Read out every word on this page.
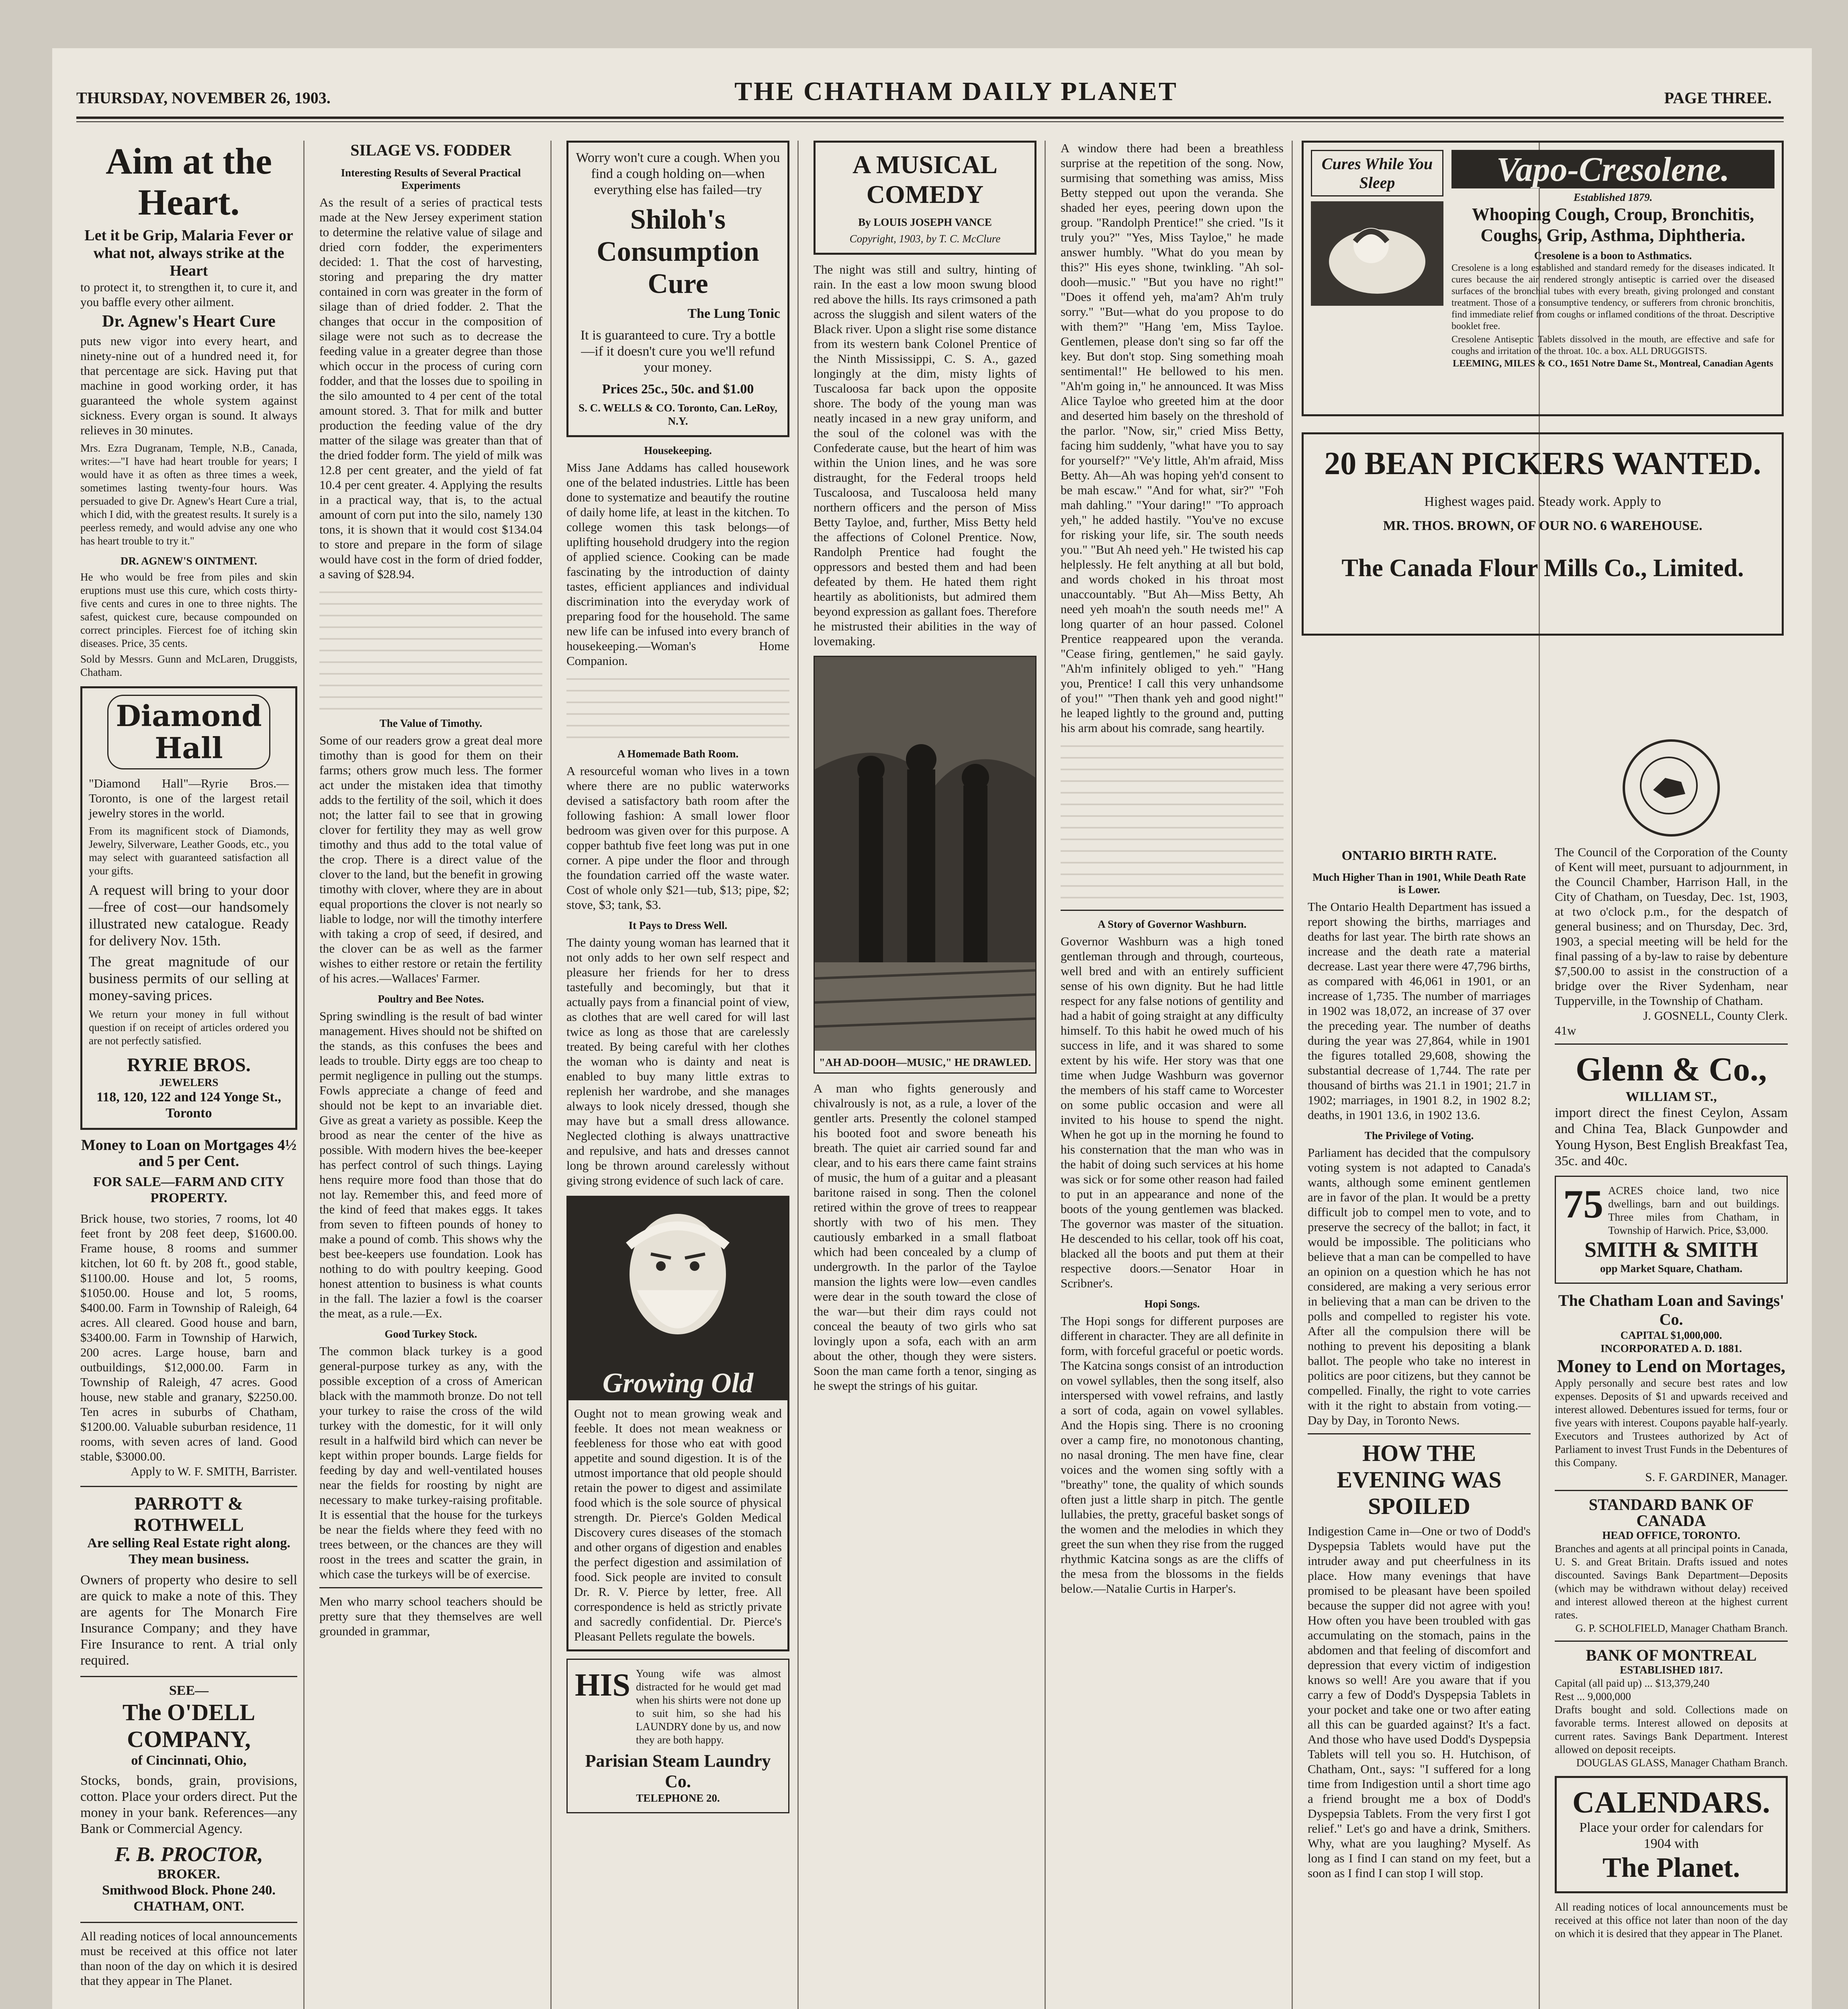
THURSDAY, NOVEMBER 26, 1903.	THE CHATHAM DAILY PLANET	PAGE THREE.
Aim at the Heart.
Let it be Grip, Malaria Fever or what not, always strike at the Heart
to protect it, to strengthen it, to cure it, and you baffle every other ailment.
Dr. Agnew's Heart Cure
puts new vigor into every heart, and ninety-nine out of a hundred need it, for that percentage are sick. Having put that machine in good working order, it has guaranteed the whole system against sickness. Every organ is sound. It always relieves in 30 minutes.
Mrs. Ezra Dugranam, Temple, N.B., Canada, writes:—"I have had heart trouble for years; I would have it as often as three times a week, sometimes lasting twenty-four hours. Was persuaded to give Dr. Agnew's Heart Cure a trial, which I did, with the greatest results. It surely is a peerless remedy, and would advise any one who has heart trouble to try it."
DR. AGNEW'S OINTMENT.
He who would be free from piles and skin eruptions must use this cure, which costs thirty-five cents and cures in one to three nights. The safest, quickest cure, because compounded on correct principles. Fiercest foe of itching skin diseases. Price, 35 cents.
Sold by Messrs. Gunn and McLaren, Druggists, Chatham.
Diamond Hall
"Diamond Hall"—Ryrie Bros.—Toronto, is one of the largest retail jewelry stores in the world.
From its magnificent stock of Diamonds, Jewelry, Silverware, Leather Goods, etc., you may select with guaranteed satisfaction all your gifts.
A request will bring to your door—free of cost—our handsomely illustrated new catalogue. Ready for delivery Nov. 15th.
The great magnitude of our business permits of our selling at money-saving prices.
We return your money in full without question if on receipt of articles ordered you are not perfectly satisfied.
RYRIE BROS.
JEWELERS
118, 120, 122 and 124 Yonge St., Toronto
Money to Loan on Mortgages 4½ and 5 per Cent.
FOR SALE—FARM AND CITY PROPERTY.
Brick house, two stories, 7 rooms, lot 40 feet front by 208 feet deep, $1600.00. Frame house, 8 rooms and summer kitchen, lot 60 ft. by 208 ft., good stable, $1100.00. House and lot, 5 rooms, $1050.00. House and lot, 5 rooms, $400.00. Farm in Township of Raleigh, 64 acres. All cleared. Good house and barn, $3400.00. Farm in Township of Harwich, 200 acres. Large house, barn and outbuildings, $12,000.00. Farm in Township of Raleigh, 47 acres. Good house, new stable and granary, $2250.00. Ten acres in suburbs of Chatham, $1200.00. Valuable suburban residence, 11 rooms, with seven acres of land. Good stable, $3000.00.
Apply to W. F. SMITH, Barrister.
PARROTT & ROTHWELL
Are selling Real Estate right along. They mean business.
Owners of property who desire to sell are quick to make a note of this. They are agents for The Monarch Fire Insurance Company; and they have Fire Insurance to rent. A trial only required.
SEE—
The O'DELL COMPANY,
of Cincinnati, Ohio,
Stocks, bonds, grain, provisions, cotton. Place your orders direct. Put the money in your bank. References—any Bank or Commercial Agency.
F. B. PROCTOR,
BROKER.
Smithwood Block. Phone 240. CHATHAM, ONT.
All reading notices of local announcements must be received at this office not later than noon of the day on which it is desired that they appear in The Planet.
SILAGE VS. FODDER
Interesting Results of Several Practical Experiments
As the result of a series of practical tests made at the New Jersey experiment station to determine the relative value of silage and dried corn fodder, the experimenters decided: 1. That the cost of harvesting, storing and preparing the dry matter contained in corn was greater in the form of silage than of dried fodder. 2. That the changes that occur in the composition of silage were not such as to decrease the feeding value in a greater degree than those which occur in the process of curing corn fodder, and that the losses due to spoiling in the silo amounted to 4 per cent of the total amount stored. 3. That for milk and butter production the feeding value of the dry matter of the silage was greater than that of the dried fodder form. The yield of milk was 12.8 per cent greater, and the yield of fat 10.4 per cent greater. 4. Applying the results in a practical way, that is, to the actual amount of corn put into the silo, namely 130 tons, it is shown that it would cost $134.04 to store and prepare in the form of silage would have cost in the form of dried fodder, a saving of $28.94.
The Value of Timothy.
Some of our readers grow a great deal more timothy than is good for them on their farms; others grow much less. The former act under the mistaken idea that timothy adds to the fertility of the soil, which it does not; the latter fail to see that in growing clover for fertility they may as well grow timothy and thus add to the total value of the crop. There is a direct value of the clover to the land, but the benefit in growing timothy with clover, where they are in about equal proportions the clover is not nearly so liable to lodge, nor will the timothy interfere with taking a crop of seed, if desired, and the clover can be as well as the farmer wishes to either restore or retain the fertility of his acres.—Wallaces' Farmer.
Poultry and Bee Notes.
Spring swindling is the result of bad winter management. Hives should not be shifted on the stands, as this confuses the bees and leads to trouble. Dirty eggs are too cheap to permit negligence in pulling out the stumps. Fowls appreciate a change of feed and should not be kept to an invariable diet. Give as great a variety as possible. Keep the brood as near the center of the hive as possible. With modern hives the bee-keeper has perfect control of such things. Laying hens require more food than those that do not lay. Remember this, and feed more of the kind of feed that makes eggs. It takes from seven to fifteen pounds of honey to make a pound of comb. This shows why the best bee-keepers use foundation. Look has nothing to do with poultry keeping. Good honest attention to business is what counts in the fall. The lazier a fowl is the coarser the meat, as a rule.—Ex.
Good Turkey Stock.
The common black turkey is a good general-purpose turkey as any, with the possible exception of a cross of American black with the mammoth bronze. Do not tell your turkey to raise the cross of the wild turkey with the domestic, for it will only result in a halfwild bird which can never be kept within proper bounds. Large fields for feeding by day and well-ventilated houses near the fields for roosting by night are necessary to make turkey-raising profitable. It is essential that the house for the turkeys be near the fields where they feed with no trees between, or the chances are they will roost in the trees and scatter the grain, in which case the turkeys will be of exercise.
Men who marry school teachers should be pretty sure that they themselves are well grounded in grammar,
Worry won't cure a cough. When you find a cough holding on—when everything else has failed—try
Shiloh's Consumption Cure
The Lung Tonic
It is guaranteed to cure. Try a bottle—if it doesn't cure you we'll refund your money.
Prices 25c., 50c. and $1.00
S. C. WELLS & CO. Toronto, Can. LeRoy, N.Y.
Housekeeping.
Miss Jane Addams has called housework one of the belated industries. Little has been done to systematize and beautify the routine of daily home life, at least in the kitchen. To college women this task belongs—of uplifting household drudgery into the region of applied science. Cooking can be made fascinating by the introduction of dainty tastes, efficient appliances and individual discrimination into the everyday work of preparing food for the household. The same new life can be infused into every branch of housekeeping.—Woman's Home Companion.
A Homemade Bath Room.
A resourceful woman who lives in a town where there are no public waterworks devised a satisfactory bath room after the following fashion: A small lower floor bedroom was given over for this purpose. A copper bathtub five feet long was put in one corner. A pipe under the floor and through the foundation carried off the waste water. Cost of whole only $21—tub, $13; pipe, $2; stove, $3; tank, $3.
It Pays to Dress Well.
The dainty young woman has learned that it not only adds to her own self respect and pleasure her friends for her to dress tastefully and becomingly, but that it actually pays from a financial point of view, as clothes that are well cared for will last twice as long as those that are carelessly treated. By being careful with her clothes the woman who is dainty and neat is enabled to buy many little extras to replenish her wardrobe, and she manages always to look nicely dressed, though she may have but a small dress allowance. Neglected clothing is always unattractive and repulsive, and hats and dresses cannot long be thrown around carelessly without giving strong evidence of such lack of care.
Growing Old
Ought not to mean growing weak and feeble. It does not mean weakness or feebleness for those who eat with good appetite and sound digestion. It is of the utmost importance that old people should retain the power to digest and assimilate food which is the sole source of physical strength. Dr. Pierce's Golden Medical Discovery cures diseases of the stomach and other organs of digestion and enables the perfect digestion and assimilation of food. Sick people are invited to consult Dr. R. V. Pierce by letter, free. All correspondence is held as strictly private and sacredly confidential. Dr. Pierce's Pleasant Pellets regulate the bowels.
HIS Young wife was almost distracted for he would get mad when his shirts were not done up to suit him, so she had his LAUNDRY done by us, and now they are both happy.
Parisian Steam Laundry Co.
TELEPHONE 20.
A MUSICAL COMEDY
By LOUIS JOSEPH VANCE
Copyright, 1903, by T. C. McClure
The night was still and sultry, hinting of rain. In the east a low moon swung blood red above the hills. Its rays crimsoned a path across the sluggish and silent waters of the Black river. Upon a slight rise some distance from its western bank Colonel Prentice of the Ninth Mississippi, C. S. A., gazed longingly at the dim, misty lights of Tuscaloosa far back upon the opposite shore. The body of the young man was neatly incased in a new gray uniform, and the soul of the colonel was with the Confederate cause, but the heart of him was within the Union lines, and he was sore distraught, for the Federal troops held Tuscaloosa, and Tuscaloosa held many northern officers and the person of Miss Betty Tayloe, and, further, Miss Betty held the affections of Colonel Prentice. Now, Randolph Prentice had fought the oppressors and bested them and had been defeated by them. He hated them right heartily as abolitionists, but admired them beyond expression as gallant foes. Therefore he mistrusted their abilities in the way of lovemaking.
"AH AD-DOOH—MUSIC," HE DRAWLED.
A man who fights generously and chivalrously is not, as a rule, a lover of the gentler arts. Presently the colonel stamped his booted foot and swore beneath his breath. The quiet air carried sound far and clear, and to his ears there came faint strains of music, the hum of a guitar and a pleasant baritone raised in song. Then the colonel retired within the grove of trees to reappear shortly with two of his men. They cautiously embarked in a small flatboat which had been concealed by a clump of undergrowth. In the parlor of the Tayloe mansion the lights were low—even candles were dear in the south toward the close of the war—but their dim rays could not conceal the beauty of two girls who sat lovingly upon a sofa, each with an arm about the other, though they were sisters. Soon the man came forth a tenor, singing as he swept the strings of his guitar.
A window there had been a breathless surprise at the repetition of the song. Now, surmising that something was amiss, Miss Betty stepped out upon the veranda. She shaded her eyes, peering down upon the group. "Randolph Prentice!" she cried. "Is it truly you?" "Yes, Miss Tayloe," he made answer humbly. "What do you mean by this?" His eyes shone, twinkling. "Ah sol-dooh—music." "But you have no right!" "Does it offend yeh, ma'am? Ah'm truly sorry." "But—what do you propose to do with them?" "Hang 'em, Miss Tayloe. Gentlemen, please don't sing so far off the key. But don't stop. Sing something moah sentimental!" He bellowed to his men. "Ah'm going in," he announced. It was Miss Alice Tayloe who greeted him at the door and deserted him basely on the threshold of the parlor. "Now, sir," cried Miss Betty, facing him suddenly, "what have you to say for yourself?" "Ve'y little, Ah'm afraid, Miss Betty. Ah—Ah was hoping yeh'd consent to be mah escaw." "And for what, sir?" "Foh mah dahling." "Your daring!" "To approach yeh," he added hastily. "You've no excuse for risking your life, sir. The south needs you." "But Ah need yeh." He twisted his cap helplessly. He felt anything at all but bold, and words choked in his throat most unaccountably. "But Ah—Miss Betty, Ah need yeh moah'n the south needs me!" A long quarter of an hour passed. Colonel Prentice reappeared upon the veranda. "Cease firing, gentlemen," he said gayly. "Ah'm infinitely obliged to yeh." "Hang you, Prentice! I call this very unhandsome of you!" "Then thank yeh and good night!" he leaped lightly to the ground and, putting his arm about his comrade, sang heartily.
A Story of Governor Washburn.
Governor Washburn was a high toned gentleman through and through, courteous, well bred and with an entirely sufficient sense of his own dignity. But he had little respect for any false notions of gentility and had a habit of going straight at any difficulty himself. To this habit he owed much of his success in life, and it was shared to some extent by his wife. Her story was that one time when Judge Washburn was governor the members of his staff came to Worcester on some public occasion and were all invited to his house to spend the night. When he got up in the morning he found to his consternation that the man who was in the habit of doing such services at his home was sick or for some other reason had failed to put in an appearance and none of the boots of the young gentlemen was blacked. The governor was master of the situation. He descended to his cellar, took off his coat, blacked all the boots and put them at their respective doors.—Senator Hoar in Scribner's.
Hopi Songs.
The Hopi songs for different purposes are different in character. They are all definite in form, with forceful graceful or poetic words. The Katcina songs consist of an introduction on vowel syllables, then the song itself, also interspersed with vowel refrains, and lastly a sort of coda, again on vowel syllables. And the Hopis sing. There is no crooning over a camp fire, no monotonous chanting, no nasal droning. The men have fine, clear voices and the women sing softly with a "breathy" tone, the quality of which sounds often just a little sharp in pitch. The gentle lullabies, the pretty, graceful basket songs of the women and the melodies in which they greet the sun when they rise from the rugged rhythmic Katcina songs as are the cliffs of the mesa from the blossoms in the fields below.—Natalie Curtis in Harper's.
ONTARIO BIRTH RATE.
Much Higher Than in 1901, While Death Rate is Lower.
The Ontario Health Department has issued a report showing the births, marriages and deaths for last year. The birth rate shows an increase and the death rate a material decrease. Last year there were 47,796 births, as compared with 46,061 in 1901, or an increase of 1,735. The number of marriages in 1902 was 18,072, an increase of 37 over the preceding year. The number of deaths during the year was 27,864, while in 1901 the figures totalled 29,608, showing the substantial decrease of 1,744. The rate per thousand of births was 21.1 in 1901; 21.7 in 1902; marriages, in 1901 8.2, in 1902 8.2; deaths, in 1901 13.6, in 1902 13.6.
The Privilege of Voting.
Parliament has decided that the compulsory voting system is not adapted to Canada's wants, although some eminent gentlemen are in favor of the plan. It would be a pretty difficult job to compel men to vote, and to preserve the secrecy of the ballot; in fact, it would be impossible. The politicians who believe that a man can be compelled to have an opinion on a question which he has not considered, are making a very serious error in believing that a man can be driven to the polls and compelled to register his vote. After all the compulsion there will be nothing to prevent his depositing a blank ballot. The people who take no interest in politics are poor citizens, but they cannot be compelled. Finally, the right to vote carries with it the right to abstain from voting.—Day by Day, in Toronto News.
HOW THE EVENING WAS SPOILED
Indigestion Came in—One or two of Dodd's Dyspepsia Tablets would have put the intruder away and put cheerfulness in its place. How many evenings that have promised to be pleasant have been spoiled because the supper did not agree with you! How often you have been troubled with gas accumulating on the stomach, pains in the abdomen and that feeling of discomfort and depression that every victim of indigestion knows so well! Are you aware that if you carry a few of Dodd's Dyspepsia Tablets in your pocket and take one or two after eating all this can be guarded against? It's a fact. And those who have used Dodd's Dyspepsia Tablets will tell you so. H. Hutchison, of Chatham, Ont., says: "I suffered for a long time from Indigestion until a short time ago a friend brought me a box of Dodd's Dyspepsia Tablets. From the very first I got relief." Let's go and have a drink, Smithers. Why, what are you laughing? Myself. As long as I find I can stand on my feet, but a soon as I find I can stop I will stop.
Cures While You Sleep	Vapo-Cresolene.
Established 1879.
Whooping Cough, Croup, Bronchitis, Coughs, Grip, Asthma, Diphtheria.
Cresolene is a boon to Asthmatics.
Cresolene is a long established and standard remedy for the diseases indicated. It cures because the air rendered strongly antiseptic is carried over the diseased surfaces of the bronchial tubes with every breath, giving prolonged and constant treatment. Those of a consumptive tendency, or sufferers from chronic bronchitis, find immediate relief from coughs or inflamed conditions of the throat. Descriptive booklet free.
Cresolene Antiseptic Tablets dissolved in the mouth, are effective and safe for coughs and irritation of the throat. 10c. a box. ALL DRUGGISTS.
LEEMING, MILES & CO., 1651 Notre Dame St., Montreal, Canadian Agents
20 BEAN PICKERS WANTED.
Highest wages paid. Steady work. Apply to
MR. THOS. BROWN, OF OUR NO. 6 WAREHOUSE.
The Canada Flour Mills Co., Limited.
The Council of the Corporation of the County of Kent will meet, pursuant to adjournment, in the Council Chamber, Harrison Hall, in the City of Chatham, on Tuesday, Dec. 1st, 1903, at two o'clock p.m., for the despatch of general business; and on Thursday, Dec. 3rd, 1903, a special meeting will be held for the final passing of a by-law to raise by debenture $7,500.00 to assist in the construction of a bridge over the River Sydenham, near Tupperville, in the Township of Chatham.
J. GOSNELL, County Clerk.
41w
Glenn & Co.,
WILLIAM ST.,
import direct the finest Ceylon, Assam and China Tea, Black Gunpowder and Young Hyson, Best English Breakfast Tea, 35c. and 40c.
75 ACRES choice land, two nice dwellings, barn and out buildings. Three miles from Chatham, in Township of Harwich. Price, $3,000.
SMITH & SMITH
opp Market Square, Chatham.
The Chatham Loan and Savings' Co.
CAPITAL $1,000,000.
INCORPORATED A. D. 1881.
Money to Lend on Mortages,
Apply personally and secure best rates and low expenses. Deposits of $1 and upwards received and interest allowed. Debentures issued for terms, four or five years with interest. Coupons payable half-yearly. Executors and Trustees authorized by Act of Parliament to invest Trust Funds in the Debentures of this Company.
S. F. GARDINER, Manager.
STANDARD BANK OF CANADA
HEAD OFFICE, TORONTO.
Branches and agents at all principal points in Canada, U. S. and Great Britain. Drafts issued and notes discounted. Savings Bank Department—Deposits (which may be withdrawn without delay) received and interest allowed thereon at the highest current rates.
G. P. SCHOLFIELD, Manager Chatham Branch.
BANK OF MONTREAL
ESTABLISHED 1817.
Capital (all paid up) ... $13,379,240
Rest ... 9,000,000
Drafts bought and sold. Collections made on favorable terms. Interest allowed on deposits at current rates. Savings Bank Department. Interest allowed on deposit receipts.
DOUGLAS GLASS, Manager Chatham Branch.
CALENDARS.
Place your order for calendars for 1904 with
The Planet.
All reading notices of local announcements must be received at this office not later than noon of the day on which it is desired that they appear in The Planet.
